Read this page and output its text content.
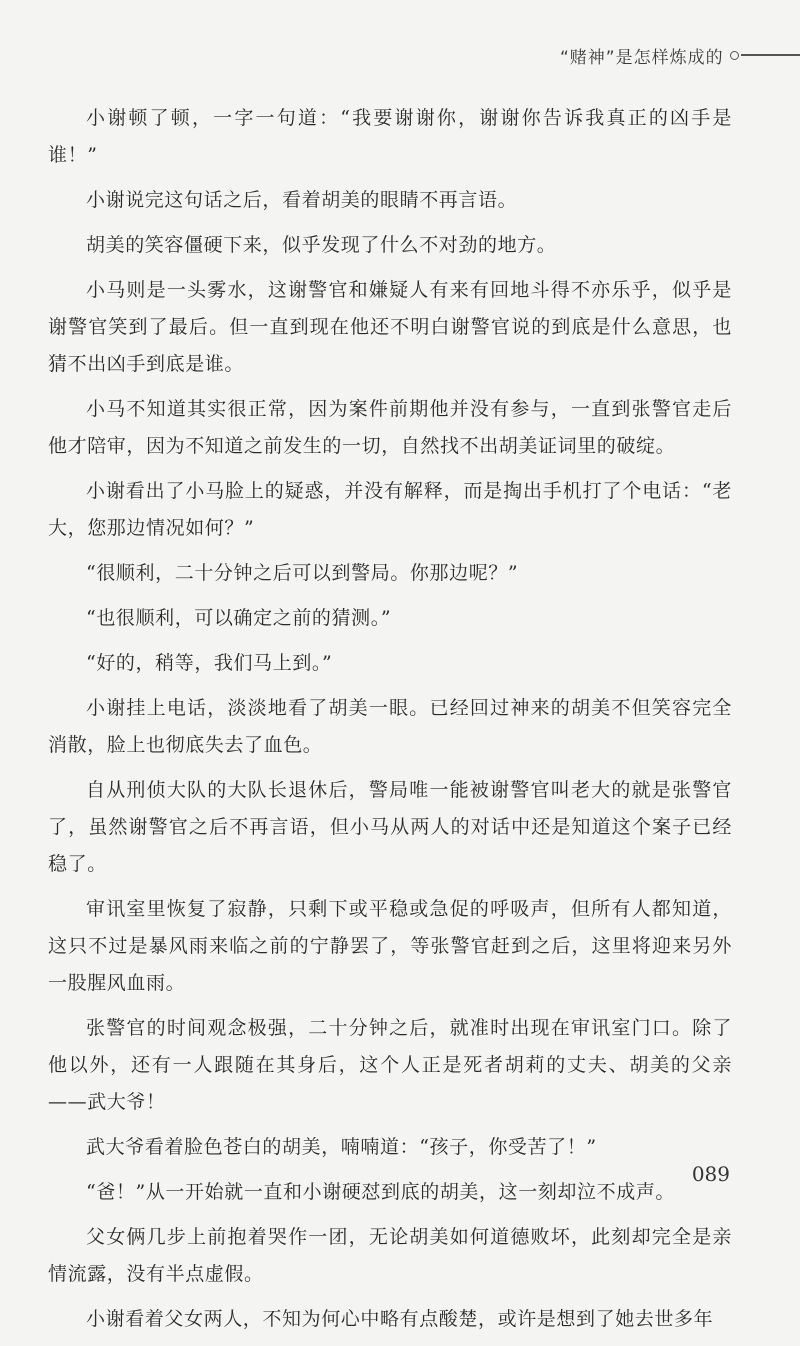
“赌神”是怎样炼成的

小谢顿了顿，一字一句道：“我要谢谢你，谢谢你告诉我真正的凶手是谁！”

小谢说完这句话之后，看着胡美的眼睛不再言语。

胡美的笑容僵硬下来，似乎发现了什么不对劲的地方。

小马则是一头雾水，这谢警官和嫌疑人有来有回地斗得不亦乐乎，似乎是谢警官笑到了最后。但一直到现在他还不明白谢警官说的到底是什么意思，也猜不出凶手到底是谁。

小马不知道其实很正常，因为案件前期他并没有参与，一直到张警官走后他才陪审，因为不知道之前发生的一切，自然找不出胡美证词里的破绽。

小谢看出了小马脸上的疑惑，并没有解释，而是掏出手机打了个电话：“老大，您那边情况如何？”

“很顺利，二十分钟之后可以到警局。你那边呢？”

“也很顺利，可以确定之前的猜测。”

“好的，稍等，我们马上到。”

小谢挂上电话，淡淡地看了胡美一眼。已经回过神来的胡美不但笑容完全消散，脸上也彻底失去了血色。

自从刑侦大队的大队长退休后，警局唯一能被谢警官叫老大的就是张警官了，虽然谢警官之后不再言语，但小马从两人的对话中还是知道这个案子已经稳了。

审讯室里恢复了寂静，只剩下或平稳或急促的呼吸声，但所有人都知道，这只不过是暴风雨来临之前的宁静罢了，等张警官赶到之后，这里将迎来另外一股腥风血雨。

张警官的时间观念极强，二十分钟之后，就准时出现在审讯室门口。除了他以外，还有一人跟随在其身后，这个人正是死者胡莉的丈夫、胡美的父亲——武大爷！

武大爷看着脸色苍白的胡美，喃喃道：“孩子，你受苦了！”

“爸！”从一开始就一直和小谢硬怼到底的胡美，这一刻却泣不成声。

父女俩几步上前抱着哭作一团，无论胡美如何道德败坏，此刻却完全是亲情流露，没有半点虚假。

小谢看着父女两人，不知为何心中略有点酸楚，或许是想到了她去世多年

089
